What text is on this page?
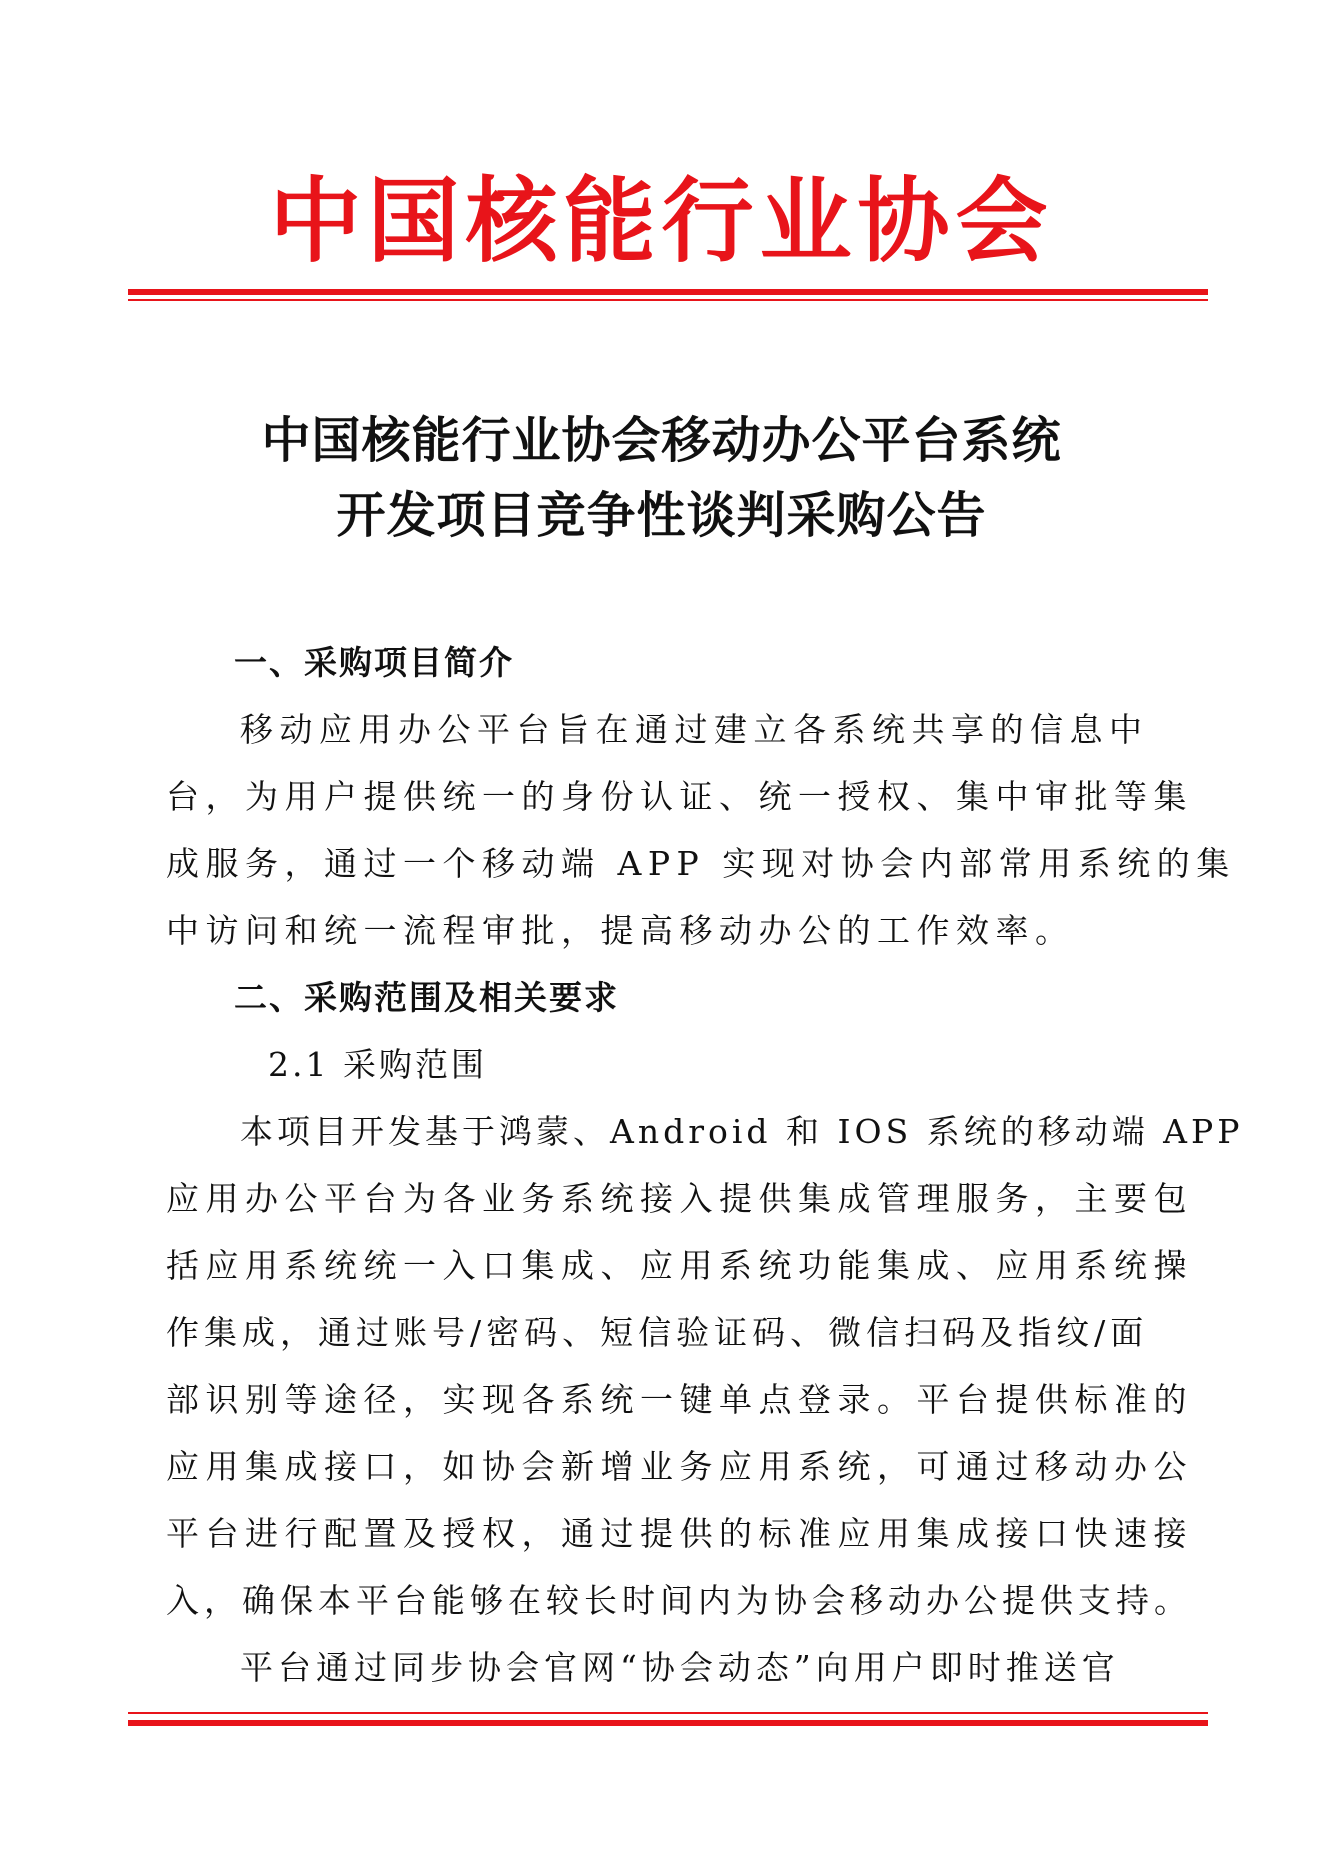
中国核能行业协会
中国核能行业协会移动办公平台系统
开发项目竞争性谈判采购公告
一、采购项目简介
移动应用办公平台旨在通过建立各系统共享的信息中
台，为用户提供统一的身份认证、统一授权、集中审批等集
成服务，通过一个移动端 APP 实现对协会内部常用系统的集
中访问和统一流程审批，提高移动办公的工作效率。
二、采购范围及相关要求
2.1 采购范围
本项目开发基于鸿蒙、Android 和 IOS 系统的移动端 APP
应用办公平台为各业务系统接入提供集成管理服务，主要包
括应用系统统一入口集成、应用系统功能集成、应用系统操
作集成，通过账号/密码、短信验证码、微信扫码及指纹/面
部识别等途径，实现各系统一键单点登录。平台提供标准的
应用集成接口，如协会新增业务应用系统，可通过移动办公
平台进行配置及授权，通过提供的标准应用集成接口快速接
入，确保本平台能够在较长时间内为协会移动办公提供支持。
平台通过同步协会官网“协会动态”向用户即时推送官
